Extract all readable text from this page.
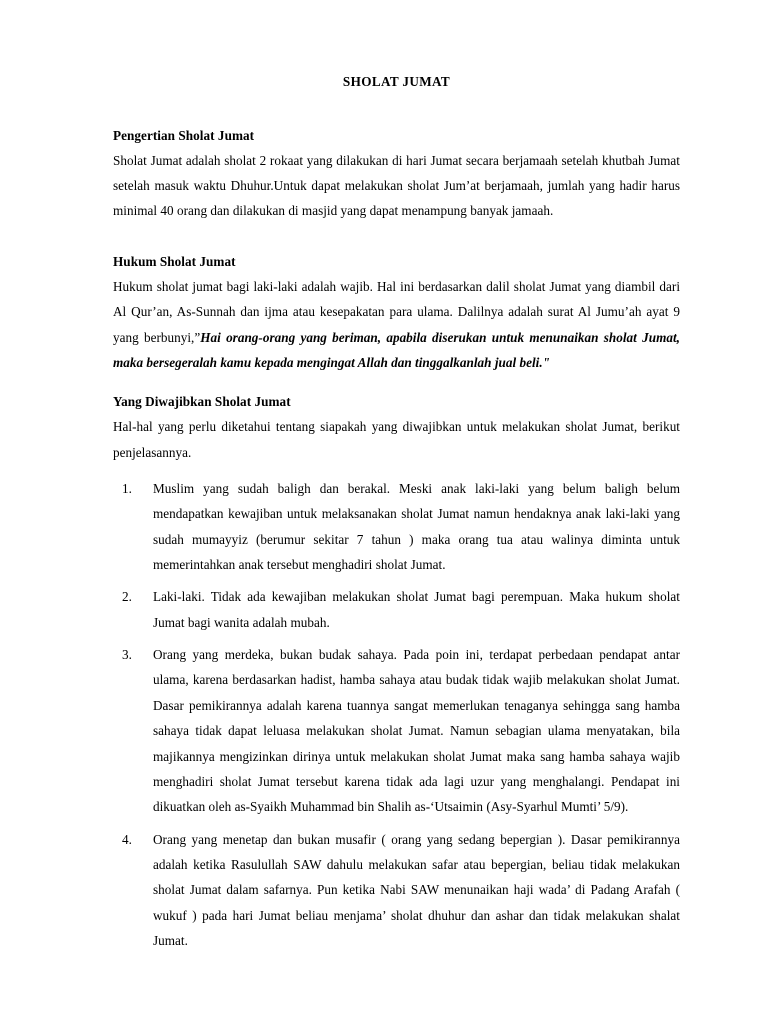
SHOLAT JUMAT
Pengertian Sholat Jumat

Sholat Jumat adalah sholat 2 rokaat yang dilakukan di hari Jumat secara berjamaah setelah khutbah Jumat setelah masuk waktu Dhuhur.Untuk dapat melakukan sholat Jum’at berjamaah, jumlah yang hadir harus minimal 40 orang dan dilakukan di masjid yang dapat menampung banyak jamaah.

Hukum Sholat Jumat

Hukum sholat jumat bagi laki-laki adalah wajib. Hal ini berdasarkan dalil sholat Jumat yang diambil dari Al Qur’an, As-Sunnah dan ijma atau kesepakatan para ulama. Dalilnya adalah surat Al Jumu’ah ayat 9 yang berbunyi,”Hai orang-orang yang beriman, apabila diserukan untuk menunaikan sholat Jumat, maka bersegeralah kamu kepada mengingat Allah dan tinggalkanlah jual beli."

Yang Diwajibkan Sholat Jumat

Hal-hal yang perlu diketahui tentang siapakah yang diwajibkan untuk melakukan sholat Jumat, berikut penjelasannya.

1.	Muslim yang sudah baligh dan berakal. Meski anak laki-laki yang belum baligh belum mendapatkan kewajiban untuk melaksanakan sholat Jumat namun hendaknya anak laki-laki yang sudah mumayyiz (berumur sekitar 7 tahun ) maka orang tua atau walinya diminta untuk memerintahkan anak tersebut menghadiri sholat Jumat.
2.	Laki-laki. Tidak ada kewajiban melakukan sholat Jumat bagi perempuan. Maka hukum sholat Jumat bagi wanita adalah mubah.
3.	Orang yang merdeka, bukan budak sahaya. Pada poin ini, terdapat perbedaan pendapat antar ulama, karena berdasarkan hadist, hamba sahaya atau budak tidak wajib melakukan sholat Jumat. Dasar pemikirannya adalah karena tuannya sangat memerlukan tenaganya sehingga sang hamba sahaya tidak dapat leluasa melakukan sholat Jumat. Namun sebagian ulama menyatakan, bila majikannya mengizinkan dirinya untuk melakukan sholat Jumat maka sang hamba sahaya wajib menghadiri sholat Jumat tersebut karena tidak ada lagi uzur yang menghalangi. Pendapat ini dikuatkan oleh as-Syaikh Muhammad bin Shalih as-‘Utsaimin (Asy-Syarhul Mumti’ 5/9).
4.	Orang yang menetap dan bukan musafir ( orang yang sedang bepergian ). Dasar pemikirannya adalah ketika Rasulullah SAW dahulu melakukan safar atau bepergian, beliau tidak melakukan sholat Jumat dalam safarnya. Pun ketika Nabi SAW menunaikan haji wada’ di Padang Arafah ( wukuf ) pada hari Jumat beliau menjama’ sholat dhuhur dan ashar dan tidak melakukan shalat Jumat.
